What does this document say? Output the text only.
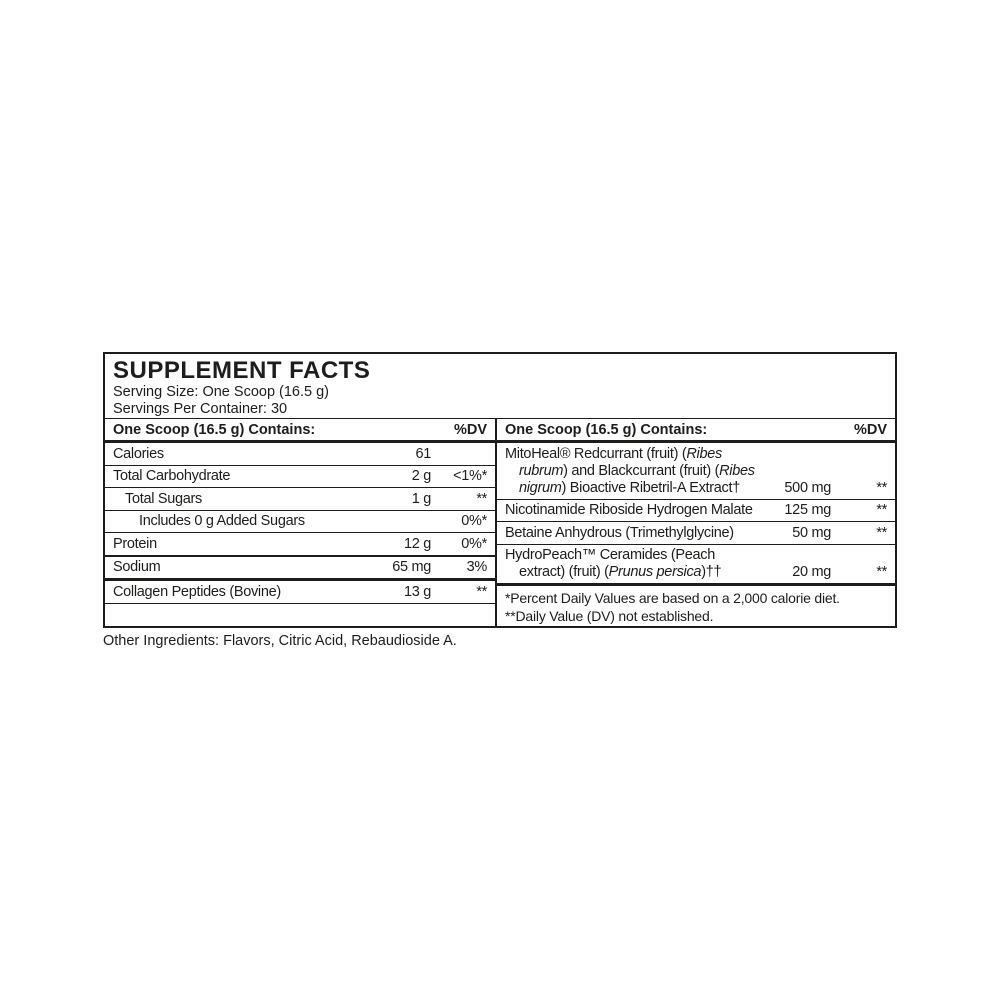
SUPPLEMENT FACTS
Serving Size: One Scoop (16.5 g)
Servings Per Container: 30
One Scoop (16.5 g) Contains:	%DV
Calories	61
Total Carbohydrate	2 g	<1%*
Total Sugars	1 g	**
Includes 0 g Added Sugars	0%*
Protein	12 g	0%*
Sodium	65 mg	3%
Collagen Peptides (Bovine)	13 g	**
One Scoop (16.5 g) Contains:	%DV
MitoHeal® Redcurrant (fruit) (Ribes
rubrum) and Blackcurrant (fruit) (Ribes
nigrum) Bioactive Ribetril-A Extract†	500 mg	**
Nicotinamide Riboside Hydrogen Malate	125 mg	**
Betaine Anhydrous (Trimethylglycine)	50 mg	**
HydroPeach™ Ceramides (Peach
extract) (fruit) (Prunus persica)††	20 mg	**
*Percent Daily Values are based on a 2,000 calorie diet.
**Daily Value (DV) not established.
Other Ingredients: Flavors, Citric Acid, Rebaudioside A.
